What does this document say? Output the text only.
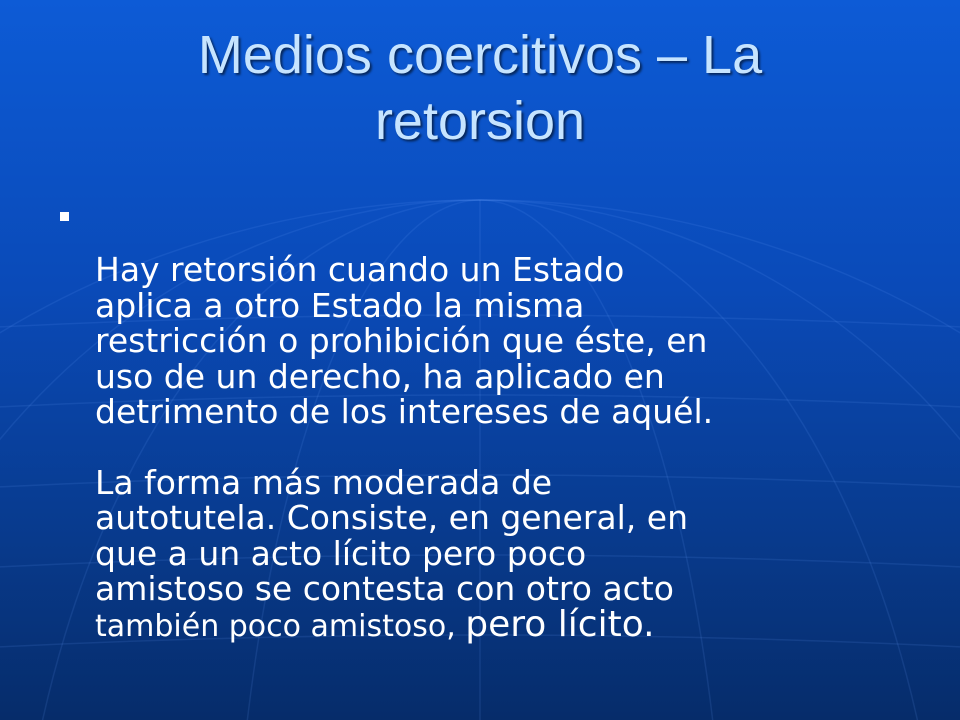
Medios coercitivos – La
retorsion
Hay retorsión cuando un Estado
aplica a otro Estado la misma
restricción o prohibición que éste, en
uso de un derecho, ha aplicado en
detrimento de los intereses de aquél.
La forma más moderada de
autotutela. Consiste, en general, en
que a un acto lícito pero poco
amistoso se contesta con otro acto
también poco amistoso, pero lícito.
